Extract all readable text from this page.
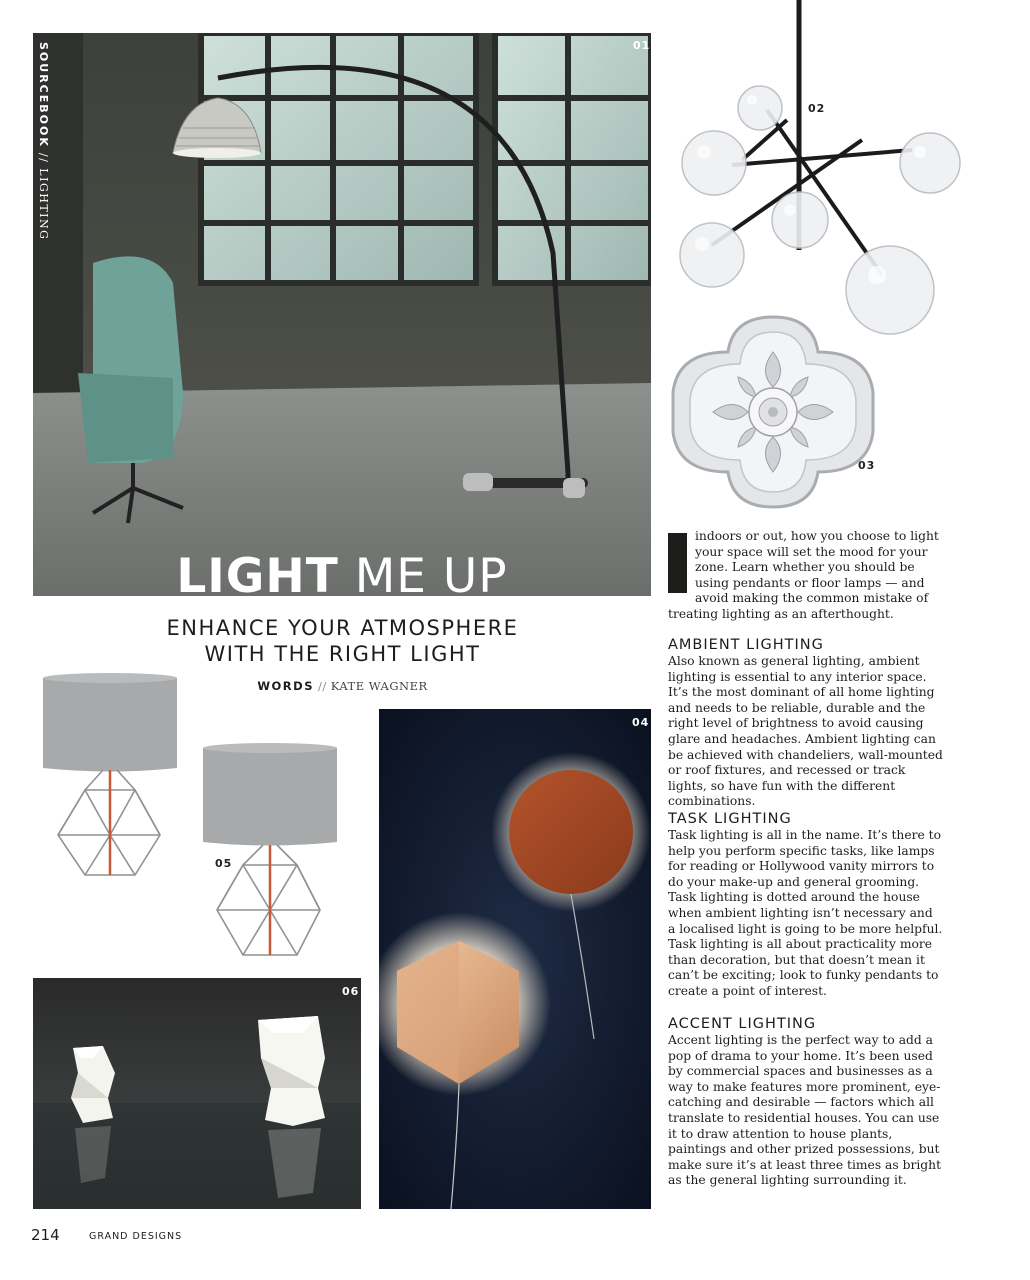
01
SOURCEBOOK // LIGHTING
LIGHT ME UP
ENHANCE YOUR ATMOSPHERE
WITH THE RIGHT LIGHT
WORDS // KATE WAGNER
02
03
05
04
06

indoors or out, how you choose to light your space will set the mood for your zone. Learn whether you should be using pendants or floor lamps — and avoid making the common mistake of treating lighting as an afterthought.

AMBIENT LIGHTING

Also known as general lighting, ambient lighting is essential to any interior space. It’s the most dominant of all home lighting and needs to be reliable, durable and the right level of brightness to avoid causing glare and headaches. Ambient lighting can be achieved with chandeliers, wall-mounted or roof fixtures, and recessed or track lights, so have fun with the different combinations.

TASK LIGHTING

Task lighting is all in the name. It’s there to help you perform specific tasks, like lamps for reading or Hollywood vanity mirrors to do your make-up and general grooming. Task lighting is dotted around the house when ambient lighting isn’t necessary and a localised light is going to be more helpful. Task lighting is all about practicality more than decoration, but that doesn’t mean it can’t be exciting; look to funky pendants to create a point of interest.

ACCENT LIGHTING

Accent lighting is the perfect way to add a pop of drama to your home. It’s been used by commercial spaces and businesses as a way to make features more prominent, eye-catching and desirable — factors which all translate to residential houses. You can use it to draw attention to house plants, paintings and other prized possessions, but make sure it’s at least three times as bright as the general lighting surrounding it.

214	GRAND DESIGNS
